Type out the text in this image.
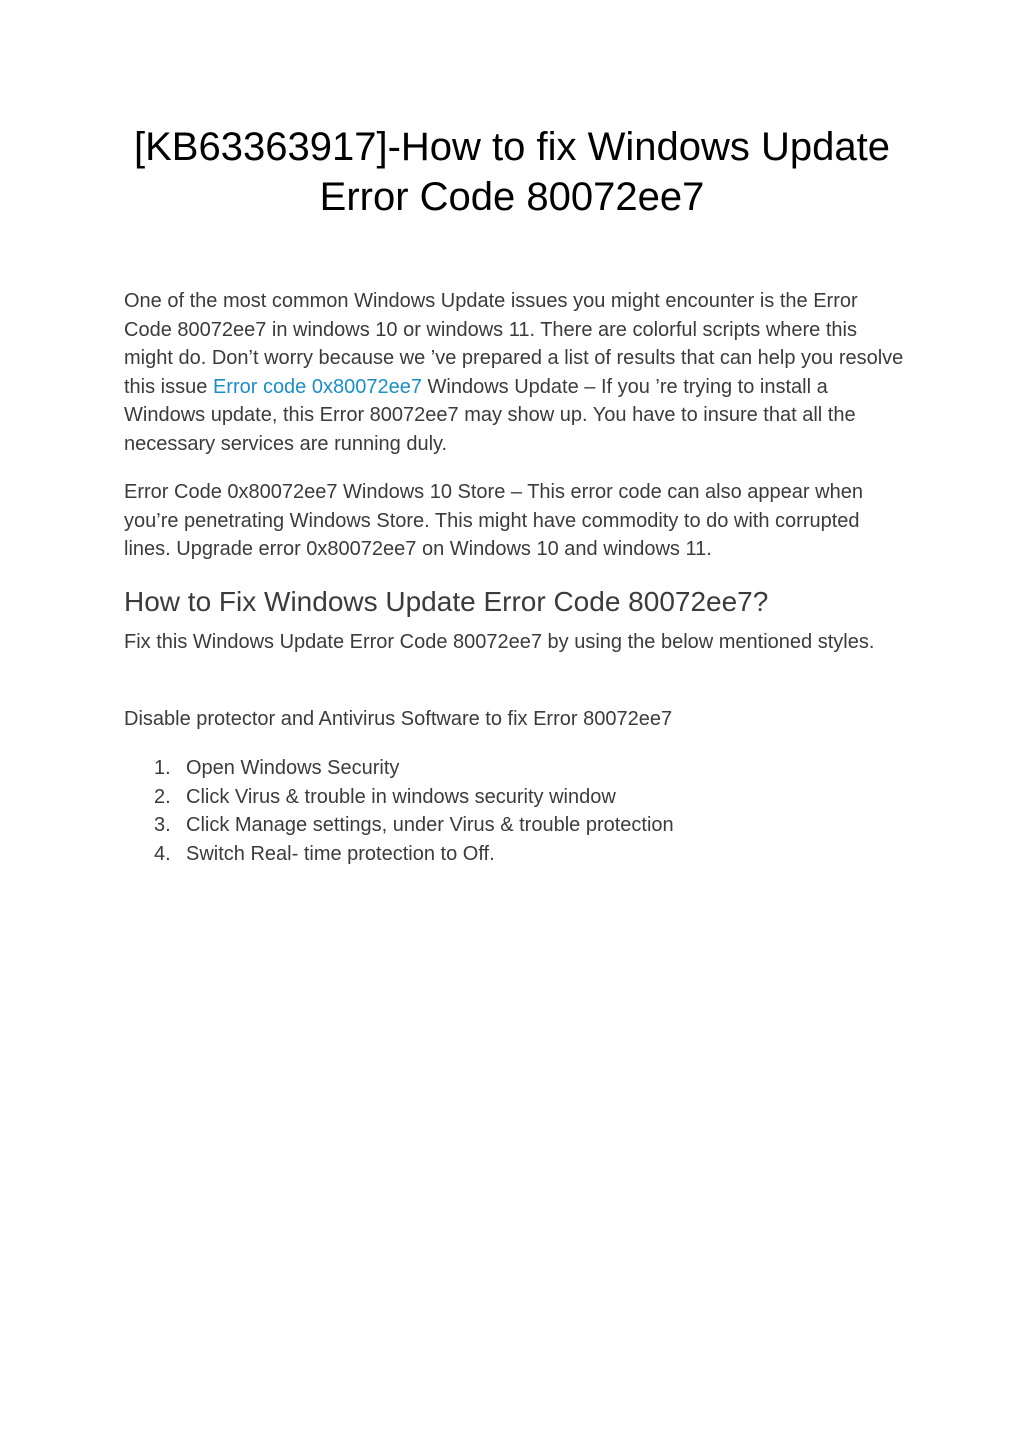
[KB63363917]-How to fix Windows Update
Error Code 80072ee7

One of the most common Windows Update issues you might encounter is the Error Code 80072ee7 in windows 10 or windows 11. There are colorful scripts where this might do. Don’t worry because we ’ve prepared a list of results that can help you resolve this issue Error code 0x80072ee7 Windows Update – If you ’re trying to install a Windows update, this Error 80072ee7 may show up. You have to insure that all the necessary services are running duly.

Error Code 0x80072ee7 Windows 10 Store – This error code can also appear when you’re penetrating Windows Store. This might have commodity to do with corrupted lines. Upgrade error 0x80072ee7 on Windows 10 and windows 11.

How to Fix Windows Update Error Code 80072ee7?

Fix this Windows Update Error Code 80072ee7 by using the below mentioned styles.

Disable protector and Antivirus Software to fix Error 80072ee7

1. Open Windows Security
2. Click Virus & trouble in windows security window
3. Click Manage settings, under Virus & trouble protection
4. Switch Real- time protection to Off.
